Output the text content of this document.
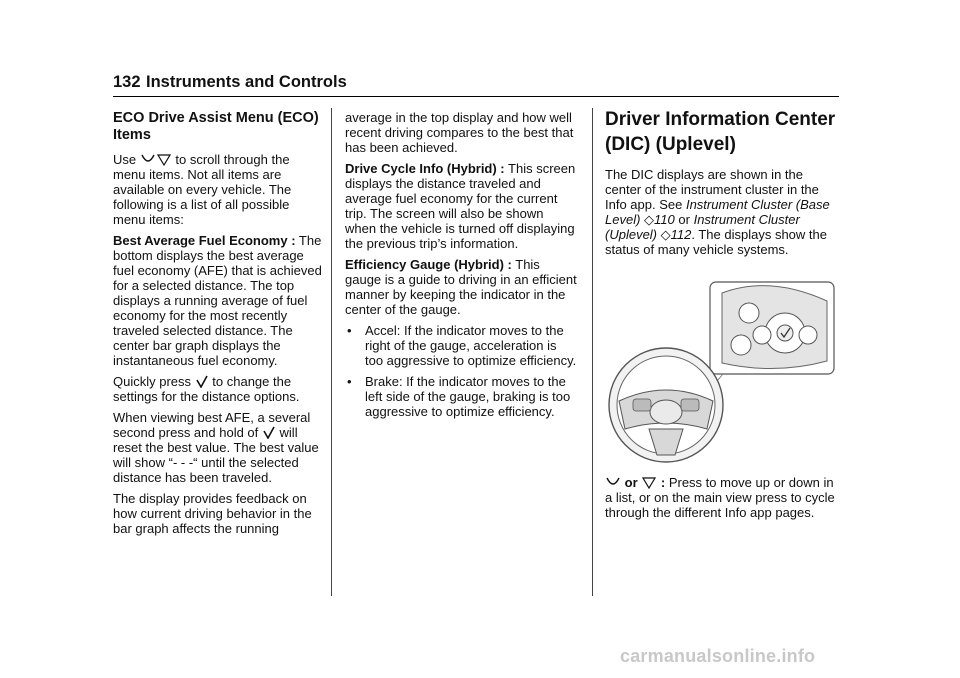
132 Instruments and Controls
ECO Drive Assist Menu (ECO) Items

Use	to scroll through the menu items. Not all items are available on every vehicle. The following is a list of all possible menu items:

Best Average Fuel Economy : The bottom displays the best average fuel economy (AFE) that is achieved for a selected distance. The top displays a running average of fuel economy for the most recently traveled selected distance. The center bar graph displays the instantaneous fuel economy.

Quickly press to change the settings for the distance options.

When viewing best AFE, a several second press and hold of will reset the best value. The best value will show “- - -“ until the selected distance has been traveled.

The display provides feedback on how current driving behavior in the bar graph affects the running

average in the top display and how well recent driving compares to the best that has been achieved.

Drive Cycle Info (Hybrid) : This screen displays the distance traveled and average fuel economy for the current trip. The screen will also be shown when the vehicle is turned off displaying the previous trip’s information.

Efficiency Gauge (Hybrid) : This gauge is a guide to driving in an efficient manner by keeping the indicator in the center of the gauge.

• Accel: If the indicator moves to the right of the gauge, acceleration is too aggressive to optimize efficiency.
• Brake: If the indicator moves to the left side of the gauge, braking is too aggressive to optimize efficiency.
Driver Information Center (DIC) (Uplevel)

The DIC displays are shown in the center of the instrument cluster in the Info app. See Instrument Cluster (Base Level) ◇110 or Instrument Cluster (Uplevel) ◇112. The displays show the status of many vehicle systems.

or : Press to move up or down in a list, or on the main view press to cycle through the different Info app pages.

carmanualsonline.info
